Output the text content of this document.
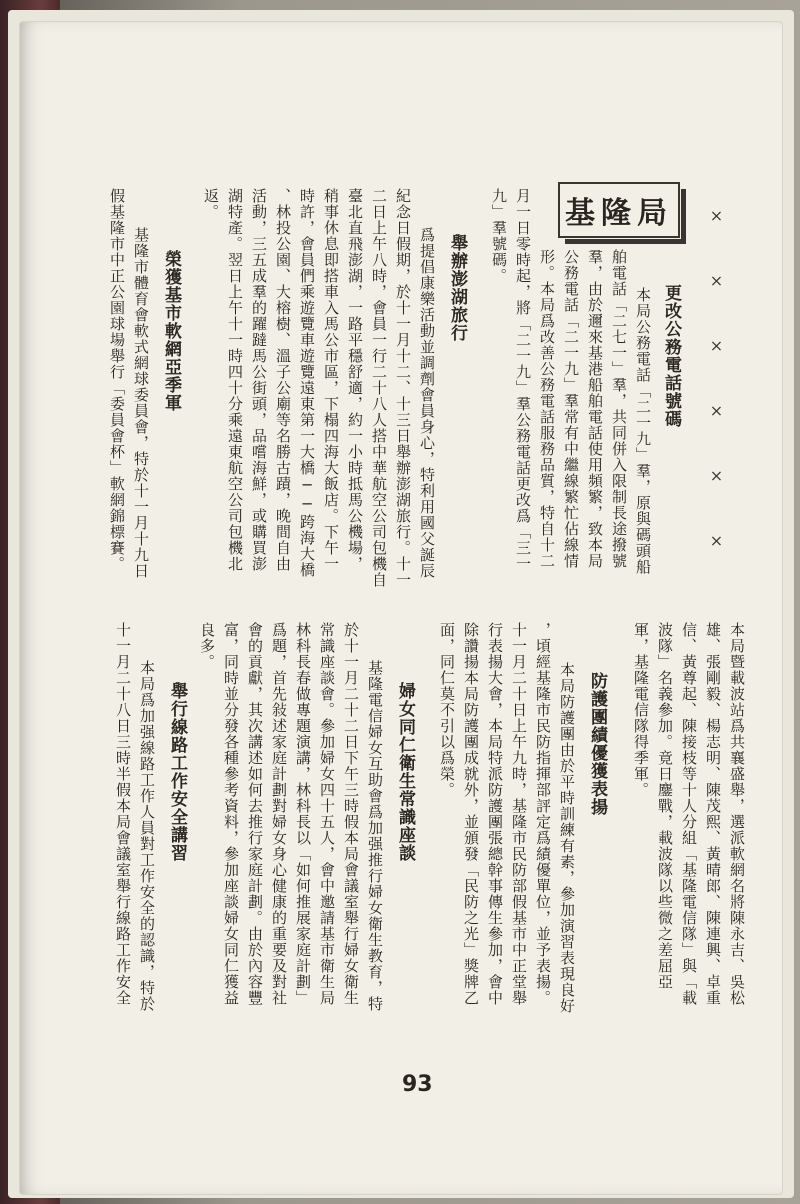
××××××
基隆局
更改公務電話號碼
本局公務電話「二一九」羣，原與碼頭船
舶電話「二七一」羣，共同併入限制長途撥號
羣，由於邇來基港船舶電話使用頻繁，致本局
公務電話「二一九」羣常有中繼線繁忙佔線情
形。本局爲改善公務電話服務品質，特自十二
月一日零時起，將「二一九」羣公務電話更改爲「三一
九」羣號碼。
舉辦澎湖旅行
爲提倡康樂活動並調劑會員身心，特利用國父誕辰
紀念日假期，於十一月十二、十三日舉辦澎湖旅行。十一
二日上午八時，會員一行二十八人搭中華航空公司包機自
臺北直飛澎湖，一路平穩舒適，約一小時抵馬公機場，
稍事休息即搭車入馬公市區，下榻四海大飯店。下午一
時許，會員們乘遊覽車遊覽遠東第一大橋──跨海大橋
、林投公園、大榕樹、溫子公廟等名勝古蹟，晚間自由
活動，三五成羣的躍躂馬公街頭，品嚐海鮮，或購買澎
湖特產。翌日上午十一時四十分乘遠東航空公司包機北
返。
榮獲基市軟網亞季軍
基隆市體育會軟式網球委員會，特於十一月十九日
假基隆市中正公園球場舉行「委員會杯」軟網錦標賽。
本局暨載波站爲共襄盛舉，選派軟網名將陳永吉、吳松
雄、張剛毅、楊志明、陳茂熙、黃晴郎、陳連興、卓重
信、黃尊起、陳接枝等十人分組「基隆電信隊」與「載
波隊」名義參加。竟日鏖戰，載波隊以些微之差屈亞
軍，基隆電信隊得季軍。
防護團績優獲表揚
本局防護團由於平時訓練有素，參加演習表現良好
，頃經基隆市民防指揮部評定爲績優單位，並予表揚。
十一月二十日上午九時，基隆市民防部假基市中正堂舉
行表揚大會，本局特派防護團張總幹事傳生參加，會中
除讚揚本局防護團成就外，並頒發「民防之光」獎牌乙
面，同仁莫不引以爲榮。
婦女同仁衛生常識座談
基隆電信婦女互助會爲加强推行婦女衛生教育，特
於十一月二十二日下午三時假本局會議室舉行婦女衛生
常識座談會。參加婦女四十五人，會中邀請基市衛生局
林科長春做專題演講，林科長以「如何推展家庭計劃」
爲題，首先敍述家庭計劃對婦女身心健康的重要及對社
會的貢獻，其次講述如何去推行家庭計劃。由於內容豐
富，同時並分發各種參考資料，參加座談婦女同仁獲益
良多。
舉行線路工作安全講習
本局爲加强線路工作人員對工作安全的認識，特於
十一月二十八日三時半假本局會議室舉行線路工作安全
93
